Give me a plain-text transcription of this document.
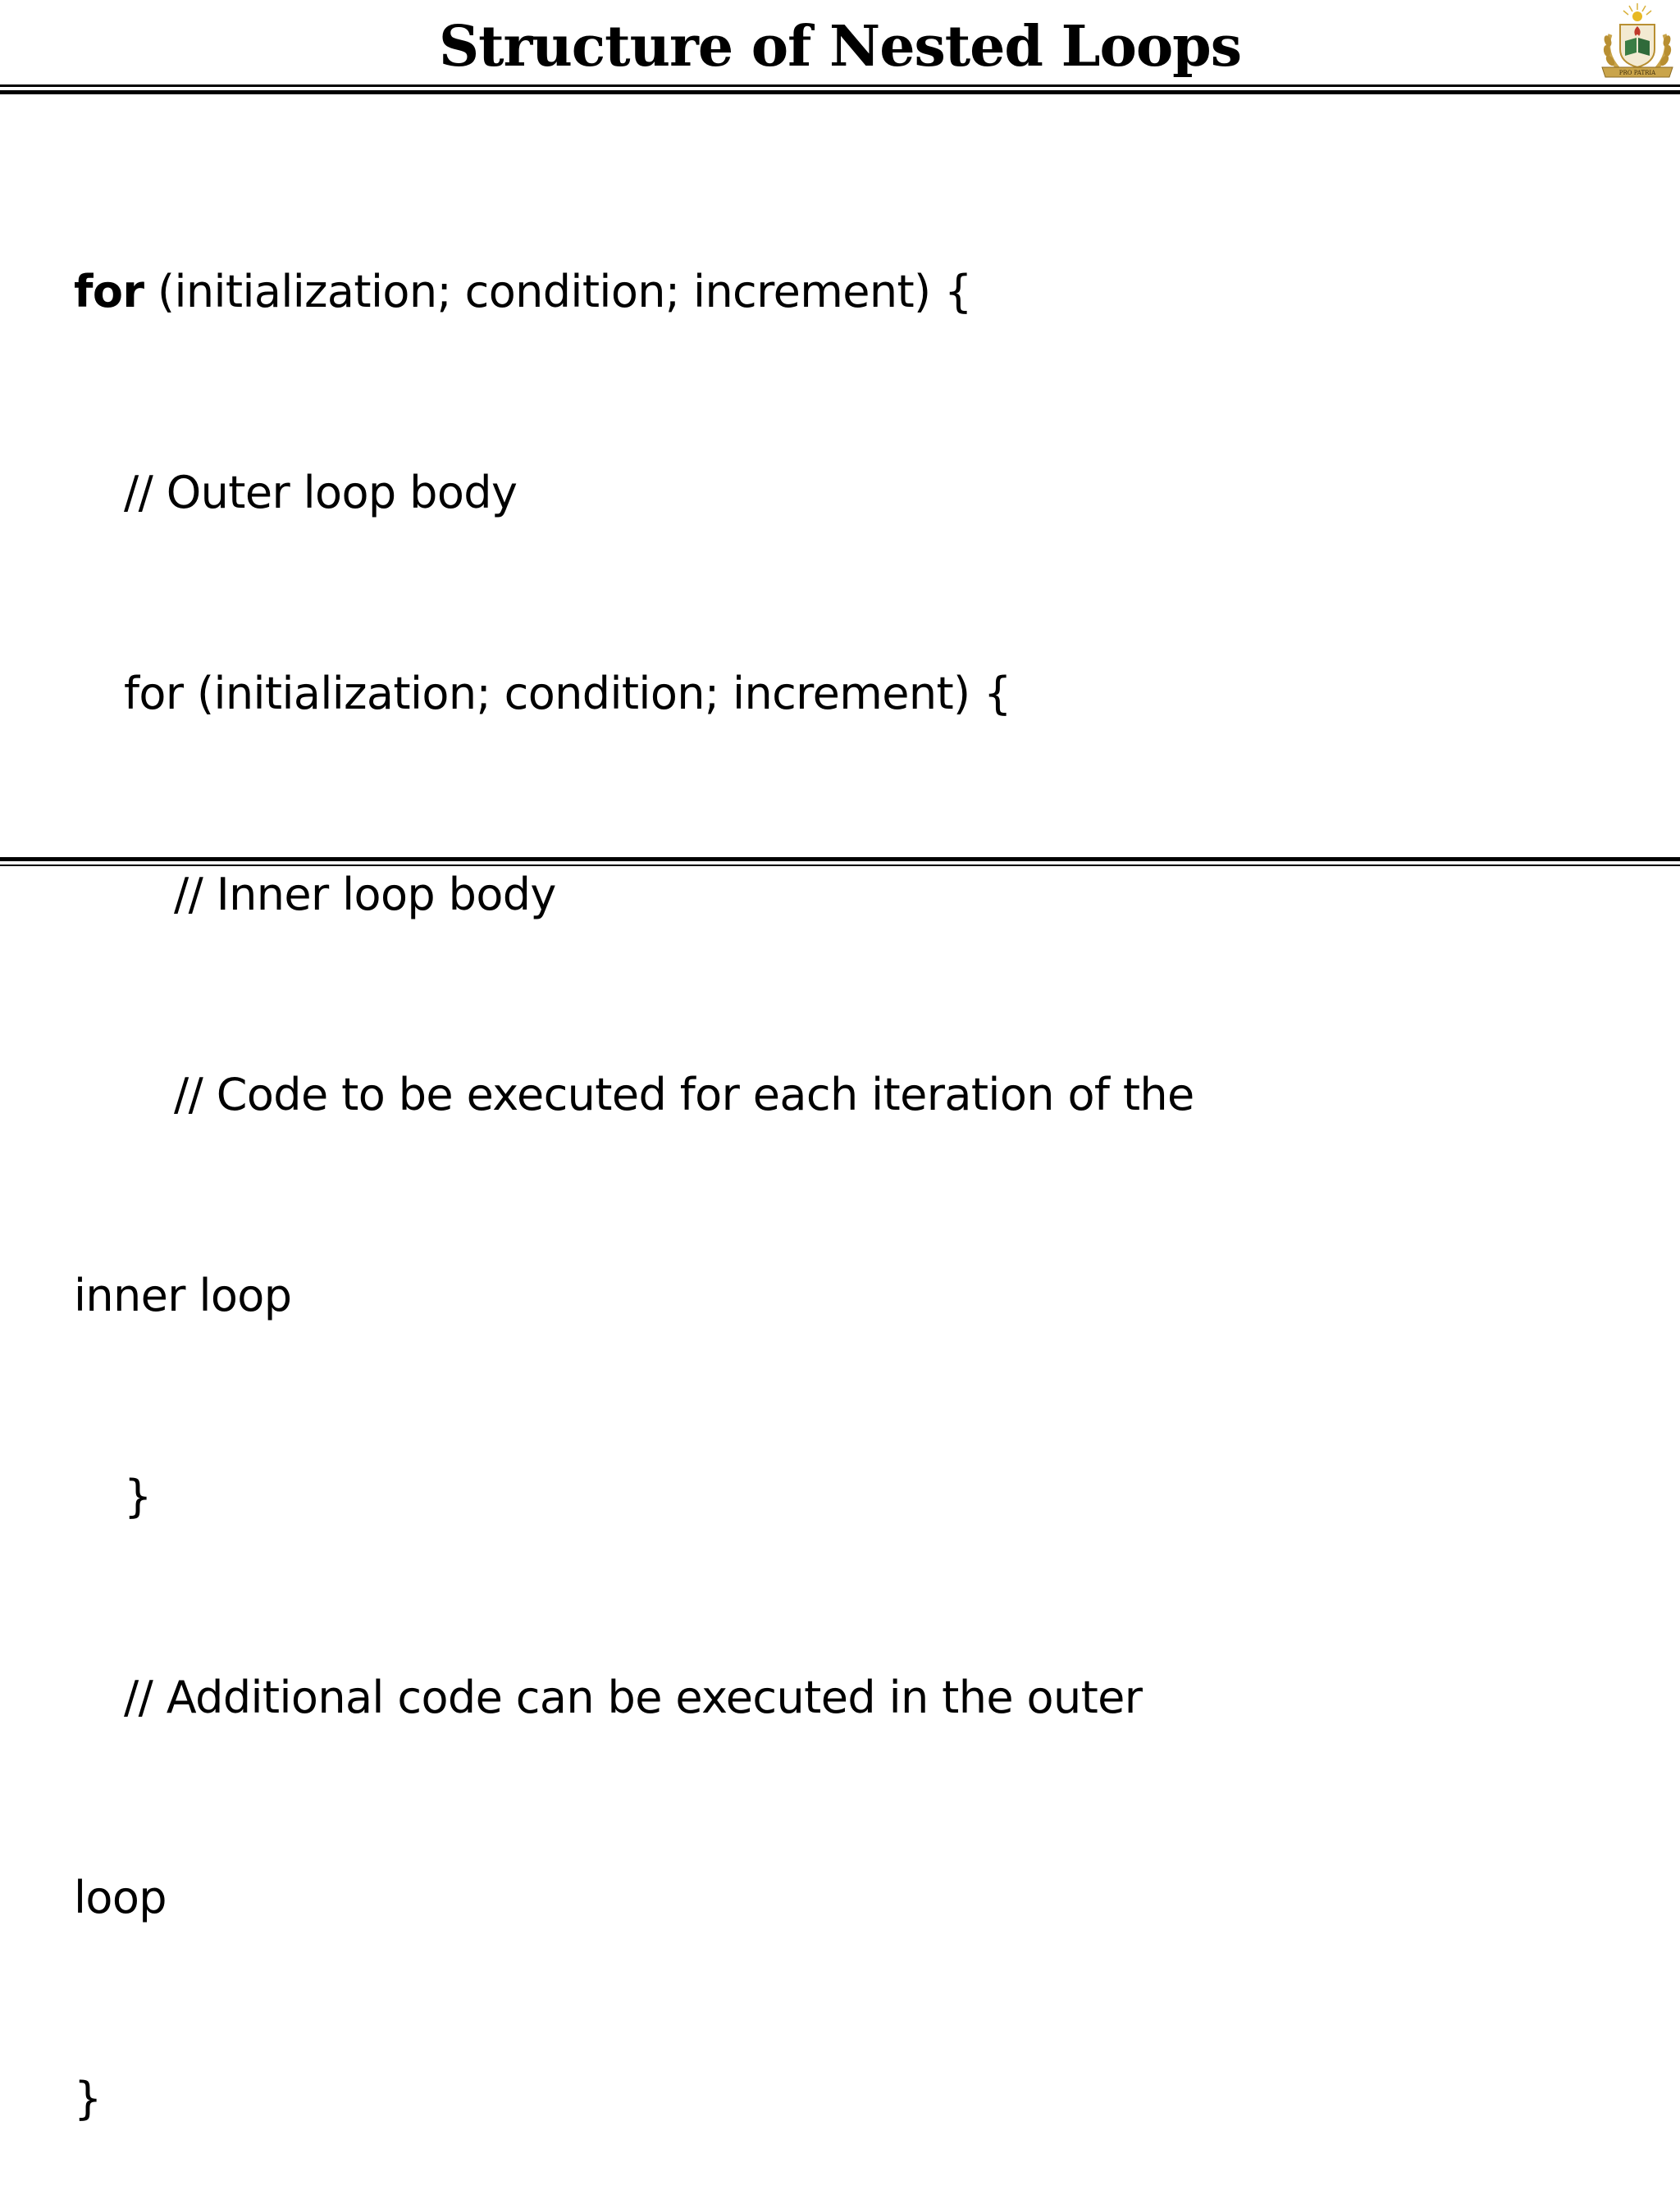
Structure of Nested Loops	PRO PATRIA

for (initialization; condition; increment) {

// Outer loop body

for (initialization; condition; increment) {

// Inner loop body

// Code to be executed for each iteration of the

inner loop

}

// Additional code can be executed in the outer

loop

}
